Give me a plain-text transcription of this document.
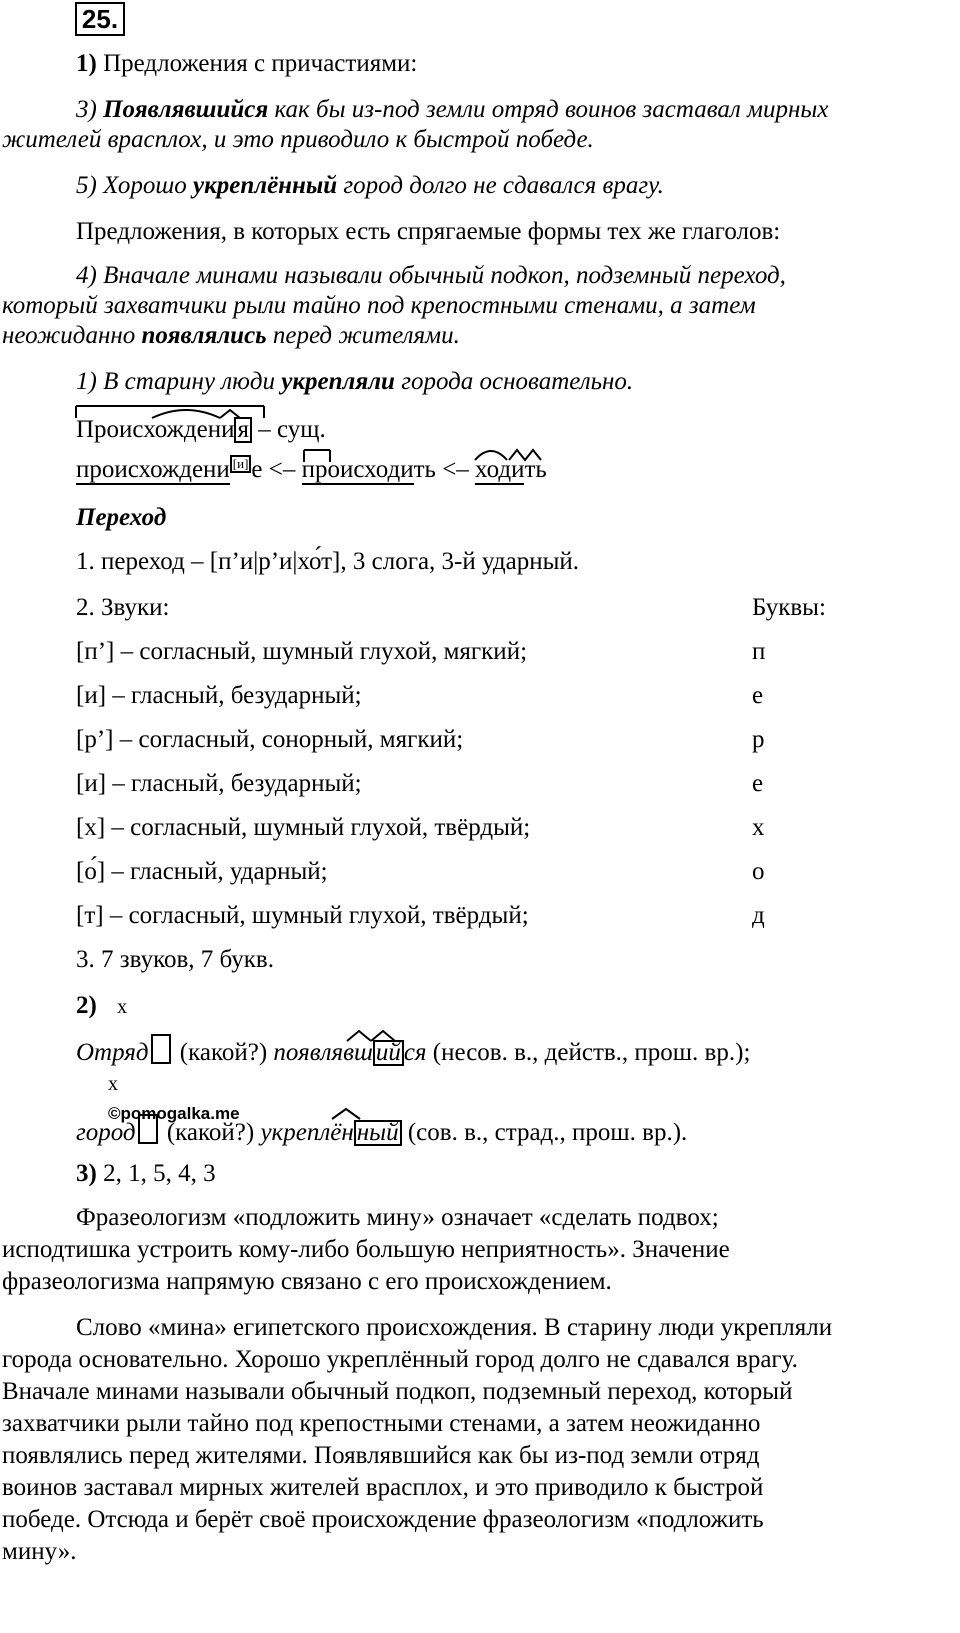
25.
1) Предложения с причастиями:
3) Появлявшийся как бы из-под земли отряд воинов заставал мирных
жителей врасплох, и это приводило к быстрой победе.
5) Хорошо укреплённый город долго не сдавался врагу.
Предложения, в которых есть спрягаемые формы тех же глаголов:
4) Вначале минами называли обычный подкоп, подземный переход,
который захватчики рыли тайно под крепостными стенами, а затем
неожиданно появлялись перед жителями.
1) В старину люди укрепляли города основательно.
Происхождени я – сущ.
происхождени [и] е <– происходить <– ходить
Переход
1. переход – [п’и|р’и|хо́т], 3 слога, 3-й ударный.
2. Звуки:	Буквы:
[п’] – согласный, шумный глухой, мягкий;	п
[и] – гласный, безударный;	е
[р’] – согласный, сонорный, мягкий;	р
[и] – гласный, безударный;	е
[х] – согласный, шумный глухой, твёрдый;	х
[о́] – гласный, ударный;	о
[т] – согласный, шумный глухой, твёрдый;	д
3. 7 звуков, 7 букв.
2) x
Отряд (какой?) появлявш ий ся (несов. в., действ., прош. вр.);
©pomogalka.me
x
город (какой?) укреплён ный (сов. в., страд., прош. вр.).
3) 2, 1, 5, 4, 3
Фразеологизм «подложить мину» означает «сделать подвох;
исподтишка устроить кому-либо большую неприятность». Значение
фразеологизма напрямую связано с его происхождением.
Слово «мина» египетского происхождения. В старину люди укрепляли
города основательно. Хорошо укреплённый город долго не сдавался врагу.
Вначале минами называли обычный подкоп, подземный переход, который
захватчики рыли тайно под крепостными стенами, а затем неожиданно
появлялись перед жителями. Появлявшийся как бы из-под земли отряд
воинов заставал мирных жителей врасплох, и это приводило к быстрой
победе. Отсюда и берёт своё происхождение фразеологизм «подложить
мину».
